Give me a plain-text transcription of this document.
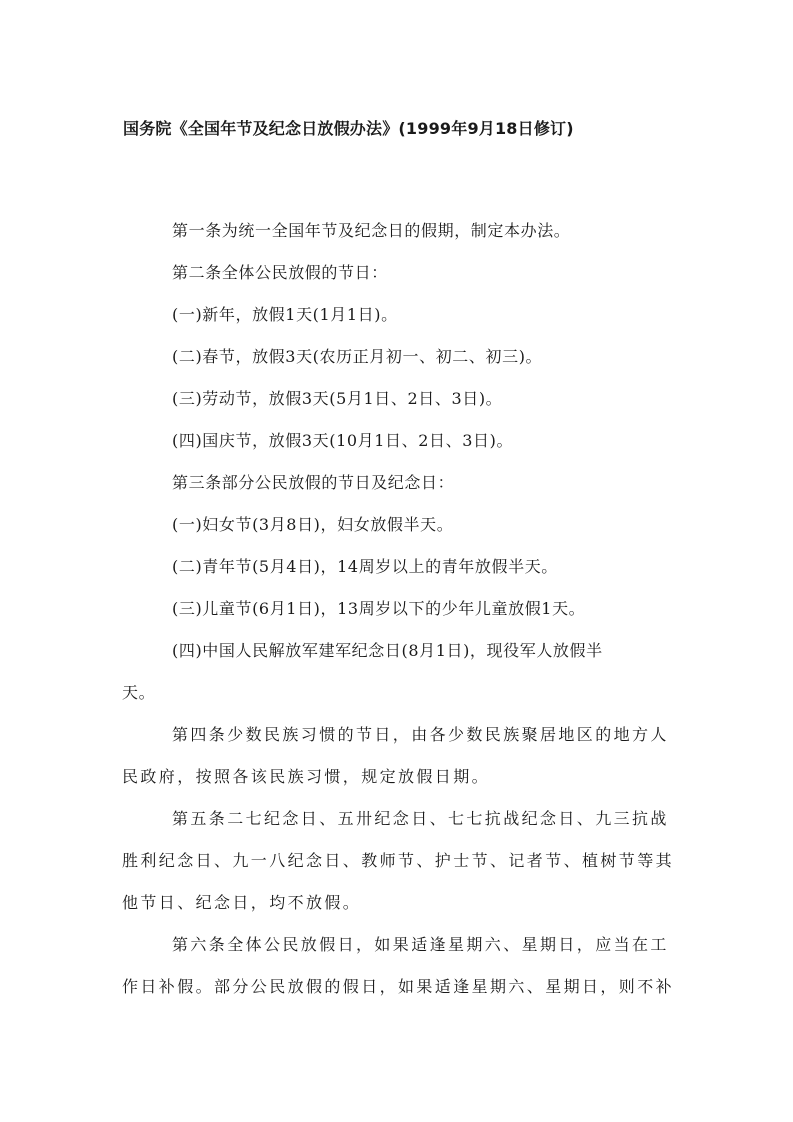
国务院《全国年节及纪念日放假办法》(1999年9月18日修订)
第一条为统一全国年节及纪念日的假期，制定本办法。
第二条全体公民放假的节日：
(一)新年，放假1天(1月1日)。
(二)春节，放假3天(农历正月初一、初二、初三)。
(三)劳动节，放假3天(5月1日、2日、3日)。
(四)国庆节，放假3天(10月1日、2日、3日)。
第三条部分公民放假的节日及纪念日：
(一)妇女节(3月8日)，妇女放假半天。
(二)青年节(5月4日)，14周岁以上的青年放假半天。
(三)儿童节(6月1日)，13周岁以下的少年儿童放假1天。
(四)中国人民解放军建军纪念日(8月1日)，现役军人放假半
天。
第四条少数民族习惯的节日，由各少数民族聚居地区的地方人
民政府，按照各该民族习惯，规定放假日期。
第五条二七纪念日、五卅纪念日、七七抗战纪念日、九三抗战
胜利纪念日、九一八纪念日、教师节、护士节、记者节、植树节等其
他节日、纪念日，均不放假。
第六条全体公民放假日，如果适逢星期六、星期日，应当在工
作日补假。部分公民放假的假日，如果适逢星期六、星期日，则不补
